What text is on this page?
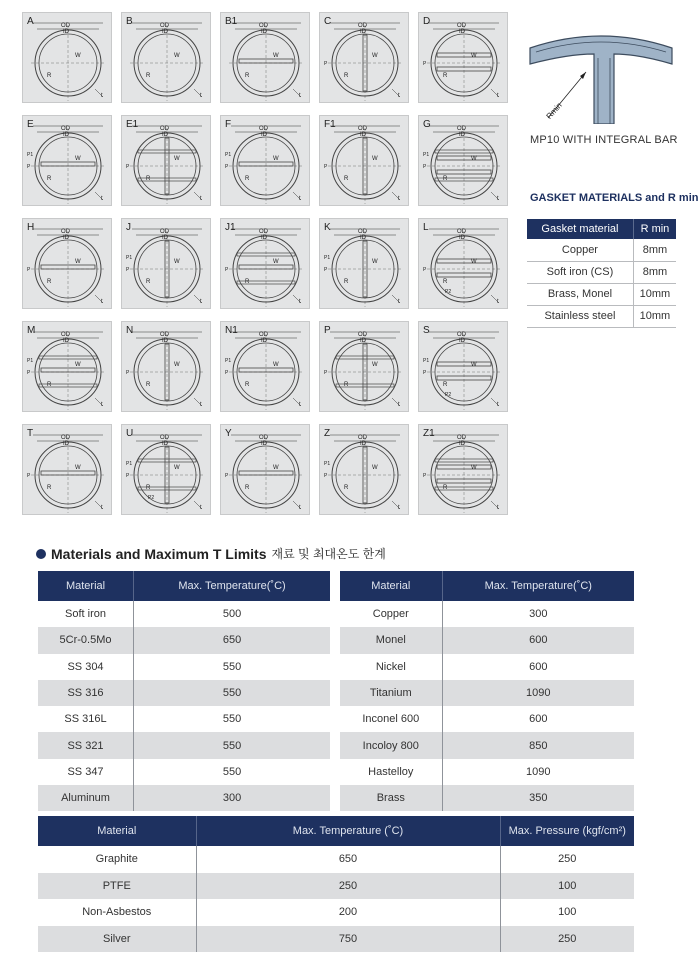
A	OD
ID
R
W
B	OD
ID
R
W
B1	OD
ID
R
W
C	OD
ID
R
W
P
D	OD
ID
R
W
P
E	OD
ID
R
W
P
P1
E1	OD
ID
R
W
P
F	OD
ID
R
W
P
P1
F1	OD
ID
R
W
P
G	OD
ID
R
W
P
P1
H	OD
ID
R
W
P
J	OD
ID
R
W
P
P1
J1	OD
ID
R
W
P
K	OD
ID
R
W
P
P1
L	OD
ID
R
W
P
P2
M	OD
ID
R
W
P
P1
N	OD
ID
R
W
P
N1	OD
ID
R
W
P
P1
P	OD
ID
R
W
P
S	OD
ID
R
W
P
P1
P2
T	OD
ID
R
W
P
U	OD
ID
R
W
P
P1
P2
Y	OD
ID
R
W
P
Z	OD
ID
R
W
P
P1
Z1	OD
ID
R
W
P
Rmin
MP10 WITH INTEGRAL BAR
GASKET MATERIALS and R min
Gasket material	R min
Copper	8mm
Soft iron (CS)	8mm
Brass, Monel	10mm
Stainless steel	10mm
Materials and Maximum T Limits 재료 및 최대온도 한계
Material	Max. Temperature(˚C)
Soft iron	500
5Cr-0.5Mo	650
SS 304	550
SS 316	550
SS 316L	550
SS 321	550
SS 347	550
Aluminum	300
Material	Max. Temperature(˚C)
Copper	300
Monel	600
Nickel	600
Titanium	1090
Inconel 600	600
Incoloy 800	850
Hastelloy	1090
Brass	350
Material	Max. Temperature (˚C)	Max. Pressure (kgf/cm²)
Graphite	650	250
PTFE	250	100
Non-Asbestos	200	100
Silver	750	250
